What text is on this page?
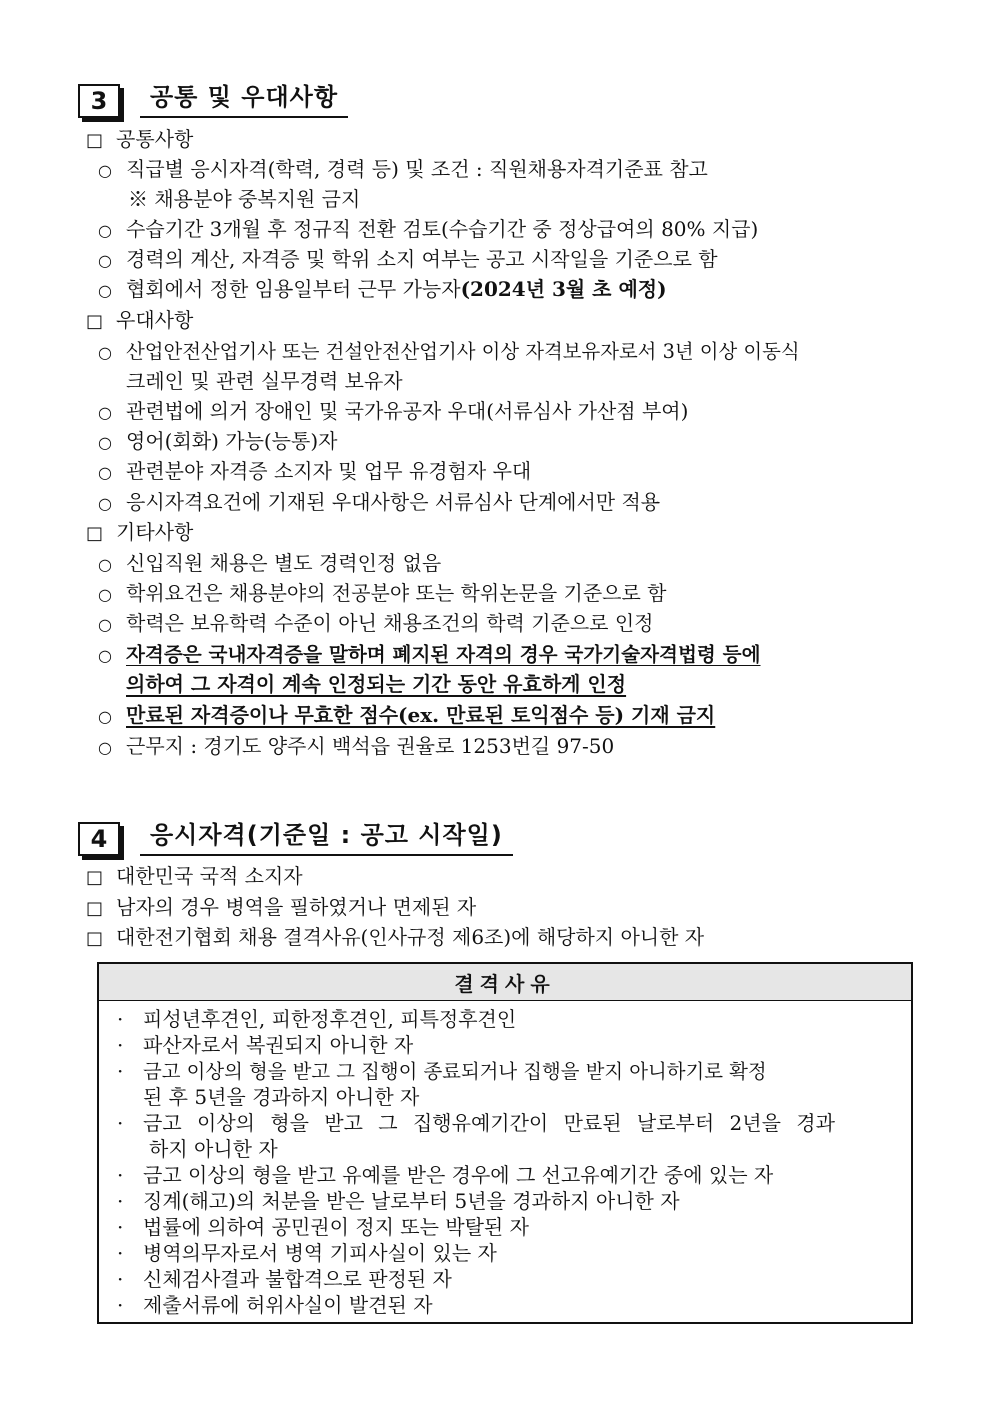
3	공통 및 우대사항
□ 공통사항
○ 직급별 응시자격(학력, 경력 등) 및 조건 : 직원채용자격기준표 참고
※ 채용분야 중복지원 금지
○ 수습기간 3개월 후 정규직 전환 검토(수습기간 중 정상급여의 80% 지급)
○ 경력의 계산, 자격증 및 학위 소지 여부는 공고 시작일을 기준으로 함
○ 협회에서 정한 임용일부터 근무 가능자(2024년 3월 초 예정)
□ 우대사항
○ 산업안전산업기사 또는 건설안전산업기사 이상 자격보유자로서 3년 이상 이동식
크레인 및 관련 실무경력 보유자
○ 관련법에 의거 장애인 및 국가유공자 우대(서류심사 가산점 부여)
○ 영어(회화) 가능(능통)자
○ 관련분야 자격증 소지자 및 업무 유경험자 우대
○ 응시자격요건에 기재된 우대사항은 서류심사 단계에서만 적용
□ 기타사항
○ 신입직원 채용은 별도 경력인정 없음
○ 학위요건은 채용분야의 전공분야 또는 학위논문을 기준으로 함
○ 학력은 보유학력 수준이 아닌 채용조건의 학력 기준으로 인정
○ 자격증은 국내자격증을 말하며 폐지된 자격의 경우 국가기술자격법령 등에
의하여 그 자격이 계속 인정되는 기간 동안 유효하게 인정
○ 만료된 자격증이나 무효한 점수(ex. 만료된 토익점수 등) 기재 금지
○ 근무지 : 경기도 양주시 백석읍 권율로 1253번길 97-50
4	응시자격(기준일 : 공고 시작일)
□ 대한민국 국적 소지자
□ 남자의 경우 병역을 필하였거나 면제된 자
□ 대한전기협회 채용 결격사유(인사규정 제6조)에 해당하지 아니한 자
결격사유
· 피성년후견인, 피한정후견인, 피특정후견인
· 파산자로서 복권되지 아니한 자
· 금고 이상의 형을 받고 그 집행이 종료되거나 집행을 받지 아니하기로 확정
된 후 5년을 경과하지 아니한 자
· 금고 이상의 형을 받고 그 집행유예기간이 만료된 날로부터 2년을 경과
하지 아니한 자
· 금고 이상의 형을 받고 유예를 받은 경우에 그 선고유예기간 중에 있는 자
· 징계(해고)의 처분을 받은 날로부터 5년을 경과하지 아니한 자
· 법률에 의하여 공민권이 정지 또는 박탈된 자
· 병역의무자로서 병역 기피사실이 있는 자
· 신체검사결과 불합격으로 판정된 자
· 제출서류에 허위사실이 발견된 자
